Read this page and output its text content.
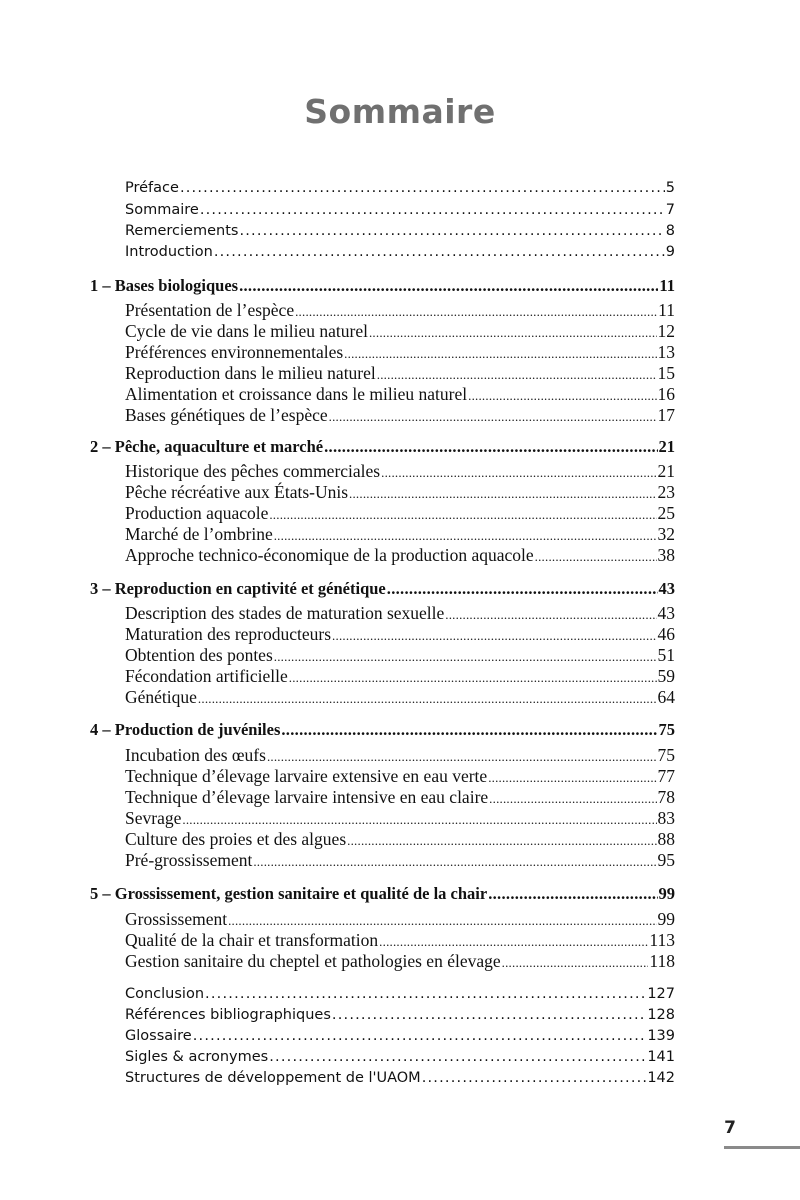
Sommaire
Préface .....	5
Sommaire .....	7
Remerciements .....	8
Introduction .....	9
1 – Bases biologiques .....	11
Présentation de l’espèce .....	11
Cycle de vie dans le milieu naturel .....	12
Préférences environnementales .....	13
Reproduction dans le milieu naturel .....	15
Alimentation et croissance dans le milieu naturel .....	16
Bases génétiques de l’espèce .....	17
2 – Pêche, aquaculture et marché .....	21
Historique des pêches commerciales .....	21
Pêche récréative aux États-Unis .....	23
Production aquacole .....	25
Marché de l’ombrine .....	32
Approche technico-économique de la production aquacole .....	38
3 – Reproduction en captivité et génétique .....	43
Description des stades de maturation sexuelle .....	43
Maturation des reproducteurs .....	46
Obtention des pontes .....	51
Fécondation artificielle .....	59
Génétique .....	64
4 – Production de juvéniles .....	75
Incubation des œufs .....	75
Technique d’élevage larvaire extensive en eau verte .....	77
Technique d’élevage larvaire intensive en eau claire .....	78
Sevrage .....	83
Culture des proies et des algues .....	88
Pré-grossissement .....	95
5 – Grossissement, gestion sanitaire et qualité de la chair .....	99
Grossissement .....	99
Qualité de la chair et transformation .....	113
Gestion sanitaire du cheptel et pathologies en élevage .....	118
Conclusion .....	127
Références bibliographiques .....	128
Glossaire .....	139
Sigles & acronymes .....	141
Structures de développement de l'UAOM .....	142
7
